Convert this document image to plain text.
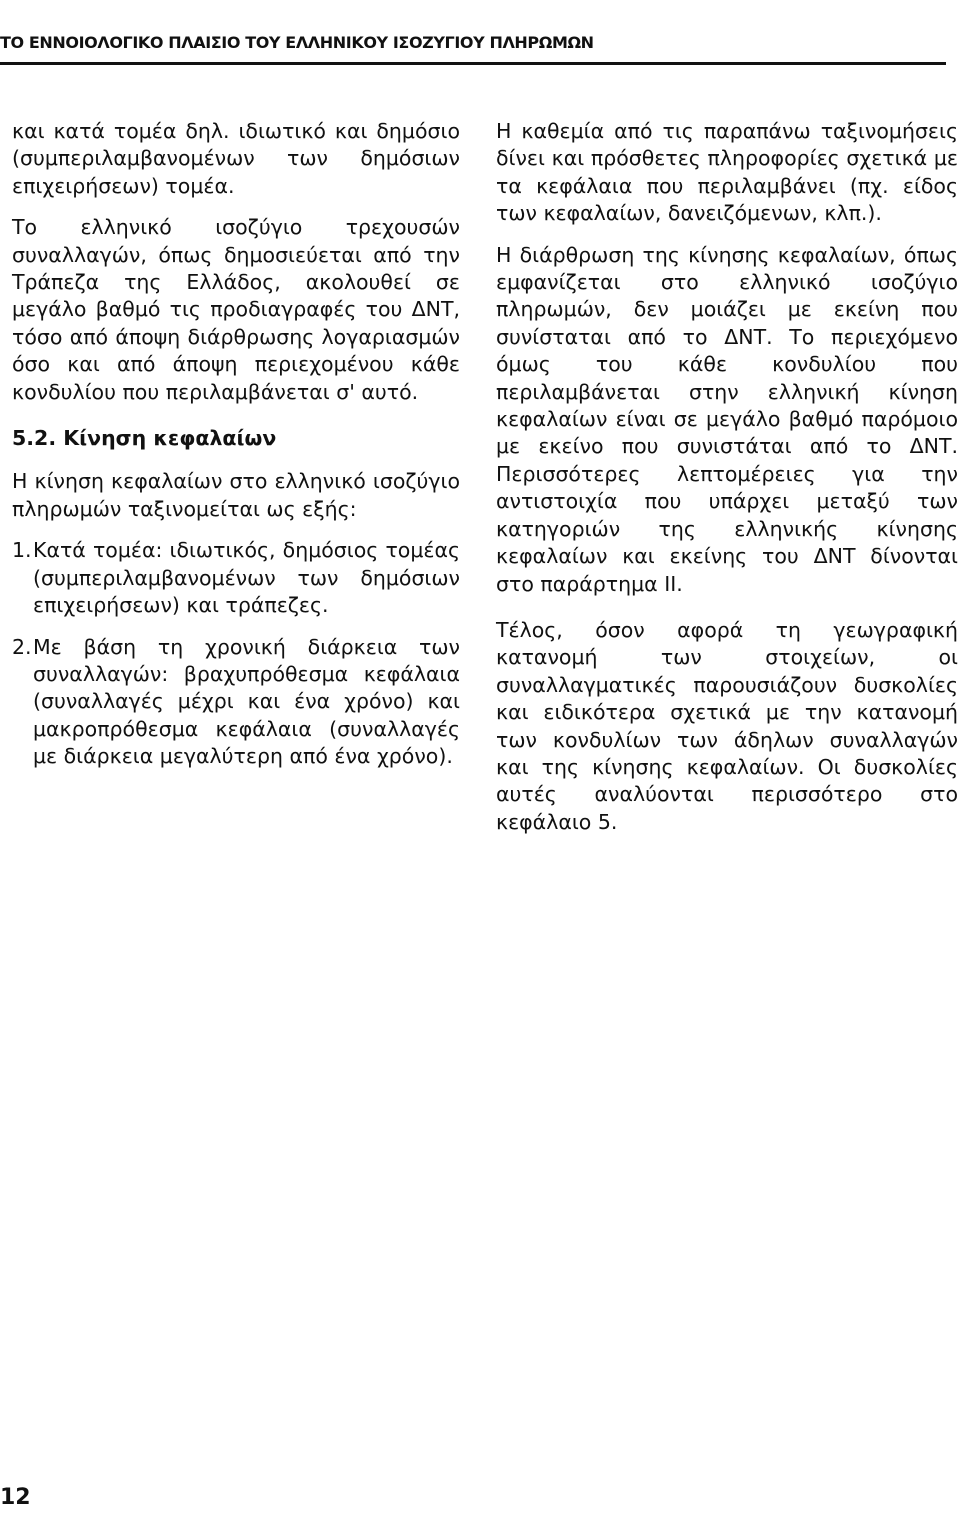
ΤΟ ΕΝΝΟΙΟΛΟΓΙΚΟ ΠΛΑΙΣΙΟ ΤΟΥ ΕΛΛΗΝΙΚΟΥ ΙΣΟΖΥΓΙΟΥ ΠΛΗΡΩΜΩΝ

και κατά τομέα δηλ. ιδιωτικό και δημόσιο (συμπεριλαμβανομένων των δημόσιων επιχειρήσεων) τομέα.

Το ελληνικό ισοζύγιο τρεχουσών συναλλαγών, όπως δημοσιεύεται από την Τράπεζα της Ελλάδος, ακολουθεί σε μεγάλο βαθμό τις προδιαγραφές του ΔΝΤ, τόσο από άποψη διάρθρωσης λογαριασμών όσο και από άποψη περιεχομένου κάθε κονδυλίου που περιλαμβάνεται σ' αυτό.

5.2. Κίνηση κεφαλαίων

Η κίνηση κεφαλαίων στο ελληνικό ισοζύγιο πληρωμών ταξινομείται ως εξής:

1. Κατά τομέα: ιδιωτικός, δημόσιος τομέας (συμπεριλαμβανομένων των δημόσιων επιχειρήσεων) και τράπεζες.
2. Με βάση τη χρονική διάρκεια των συναλλαγών: βραχυπρόθεσμα κεφάλαια (συναλλαγές μέχρι και ένα χρόνο) και μακροπρόθεσμα κεφάλαια (συναλλαγές με διάρκεια μεγαλύτερη από ένα χρόνο).

Η καθεμία από τις παραπάνω ταξινομήσεις δίνει και πρόσθετες πληροφορίες σχετικά με τα κεφάλαια που περιλαμβάνει (πχ. είδος των κεφαλαίων, δανειζόμενων, κλπ.).

Η διάρθρωση της κίνησης κεφαλαίων, όπως εμφανίζεται στο ελληνικό ισοζύγιο πληρωμών, δεν μοιάζει με εκείνη που συνίσταται από το ΔΝΤ. Το περιεχόμενο όμως του κάθε κονδυλίου που περιλαμβάνεται στην ελληνική κίνηση κεφαλαίων είναι σε μεγάλο βαθμό παρόμοιο με εκείνο που συνιστάται από το ΔΝΤ. Περισσότερες λεπτομέρειες για την αντιστοιχία που υπάρχει μεταξύ των κατηγοριών της ελληνικής κίνησης κεφαλαίων και εκείνης του ΔΝΤ δίνονται στο παράρτημα ΙΙ.

Τέλος, όσον αφορά τη γεωγραφική κατανομή των στοιχείων, οι συναλλαγματικές παρουσιάζουν δυσκολίες και ειδικότερα σχετικά με την κατανομή των κονδυλίων των άδηλων συναλλαγών και της κίνησης κεφαλαίων. Οι δυσκολίες αυτές αναλύονται περισσότερο στο κεφάλαιο 5.

12
